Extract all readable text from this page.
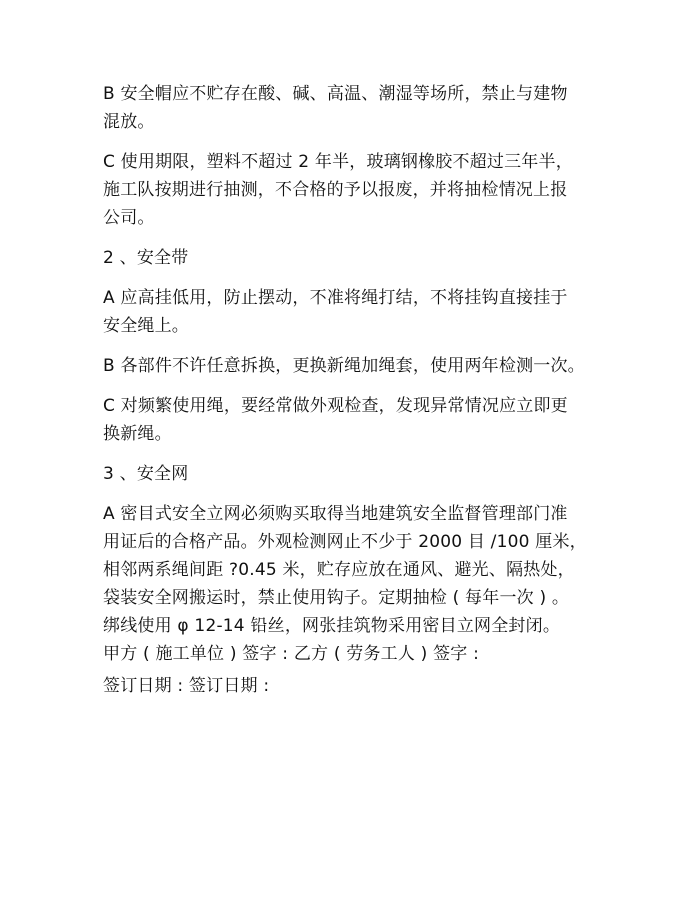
B 安全帽应不贮存在酸、碱、高温、潮湿等场所，禁止与建物
混放。

C 使用期限，塑料不超过 2 年半，玻璃钢橡胶不超过三年半，
施工队按期进行抽测，不合格的予以报废，并将抽检情况上报
公司。

2 、安全带

A 应高挂低用，防止摆动，不准将绳打结，不将挂钩直接挂于
安全绳上。

B 各部件不许任意拆换，更换新绳加绳套，使用两年检测一次。

C 对频繁使用绳，要经常做外观检查，发现异常情况应立即更
换新绳。

3 、安全网

A 密目式安全立网必须购买取得当地建筑安全监督管理部门准
用证后的合格产品。外观检测网止不少于 2000 目 /100 厘米，
相邻两系绳间距 ?0.45 米，贮存应放在通风、避光、隔热处，
袋装安全网搬运时，禁止使用钩子。定期抽检 ( 每年一次 ) 。
绑线使用 φ 12-14 铅丝，网张挂筑物采用密目立网全封闭。
甲方 ( 施工单位 ) 签字 : 乙方 ( 劳务工人 ) 签字 :

签订日期 : 签订日期 :
